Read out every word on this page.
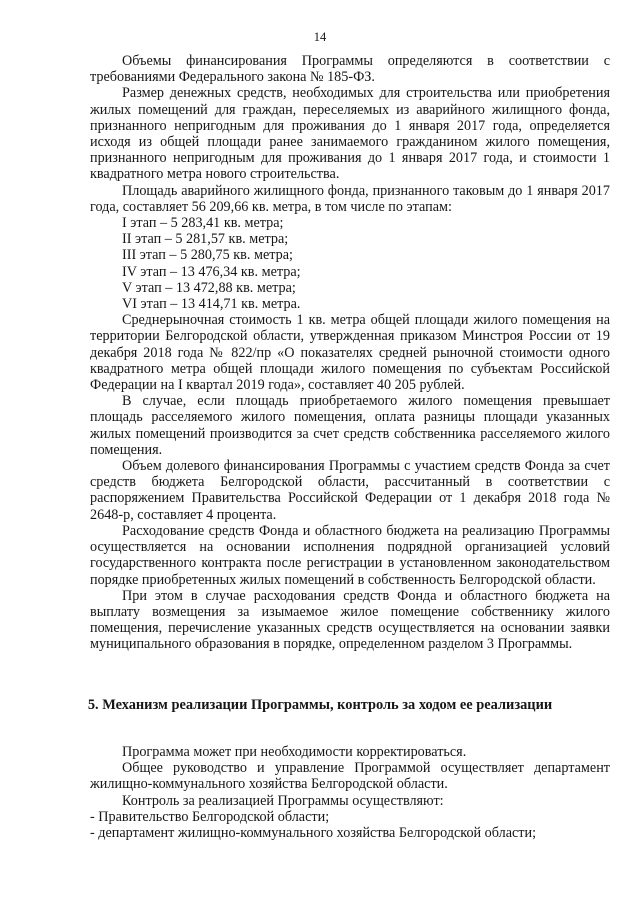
14

Объемы финансирования Программы определяются в соответствии с требованиями Федерального закона № 185-ФЗ.

Размер денежных средств, необходимых для строительства или приобретения жилых помещений для граждан, переселяемых из аварийного жилищного фонда, признанного непригодным для проживания до 1 января 2017 года, определяется исходя из общей площади ранее занимаемого гражданином жилого помещения, признанного непригодным для проживания до 1 января 2017 года, и стоимости 1 квадратного метра нового строительства.

Площадь аварийного жилищного фонда, признанного таковым до 1 января 2017 года, составляет 56 209,66 кв. метра, в том числе по этапам:

I этап – 5 283,41 кв. метра;

II этап – 5 281,57 кв. метра;

III этап – 5 280,75 кв. метра;

IV этап – 13 476,34 кв. метра;

V этап – 13 472,88 кв. метра;

VI этап – 13 414,71 кв. метра.

Среднерыночная стоимость 1 кв. метра общей площади жилого помещения на территории Белгородской области, утвержденная приказом Минстроя России от 19 декабря 2018 года № 822/пр «О показателях средней рыночной стоимости одного квадратного метра общей площади жилого помещения по субъектам Российской Федерации на I квартал 2019 года», составляет 40 205 рублей.

В случае, если площадь приобретаемого жилого помещения превышает площадь расселяемого жилого помещения, оплата разницы площади указанных жилых помещений производится за счет средств собственника расселяемого жилого помещения.

Объем долевого финансирования Программы с участием средств Фонда за счет средств бюджета Белгородской области, рассчитанный в соответствии с распоряжением Правительства Российской Федерации от 1 декабря 2018 года № 2648-р, составляет 4 процента.

Расходование средств Фонда и областного бюджета на реализацию Программы осуществляется на основании исполнения подрядной организацией условий государственного контракта после регистрации в установленном законодательством порядке приобретенных жилых помещений в собственность Белгородской области.

При этом в случае расходования средств Фонда и областного бюджета на выплату возмещения за изымаемое жилое помещение собственнику жилого помещения, перечисление указанных средств осуществляется на основании заявки муниципального образования в порядке, определенном разделом 3 Программы.

5. Механизм реализации Программы, контроль за ходом ее реализации

Программа может при необходимости корректироваться.

Общее руководство и управление Программой осуществляет департамент жилищно-коммунального хозяйства Белгородской области.

Контроль за реализацией Программы осуществляют:

- Правительство Белгородской области;

- департамент жилищно-коммунального хозяйства Белгородской области;
